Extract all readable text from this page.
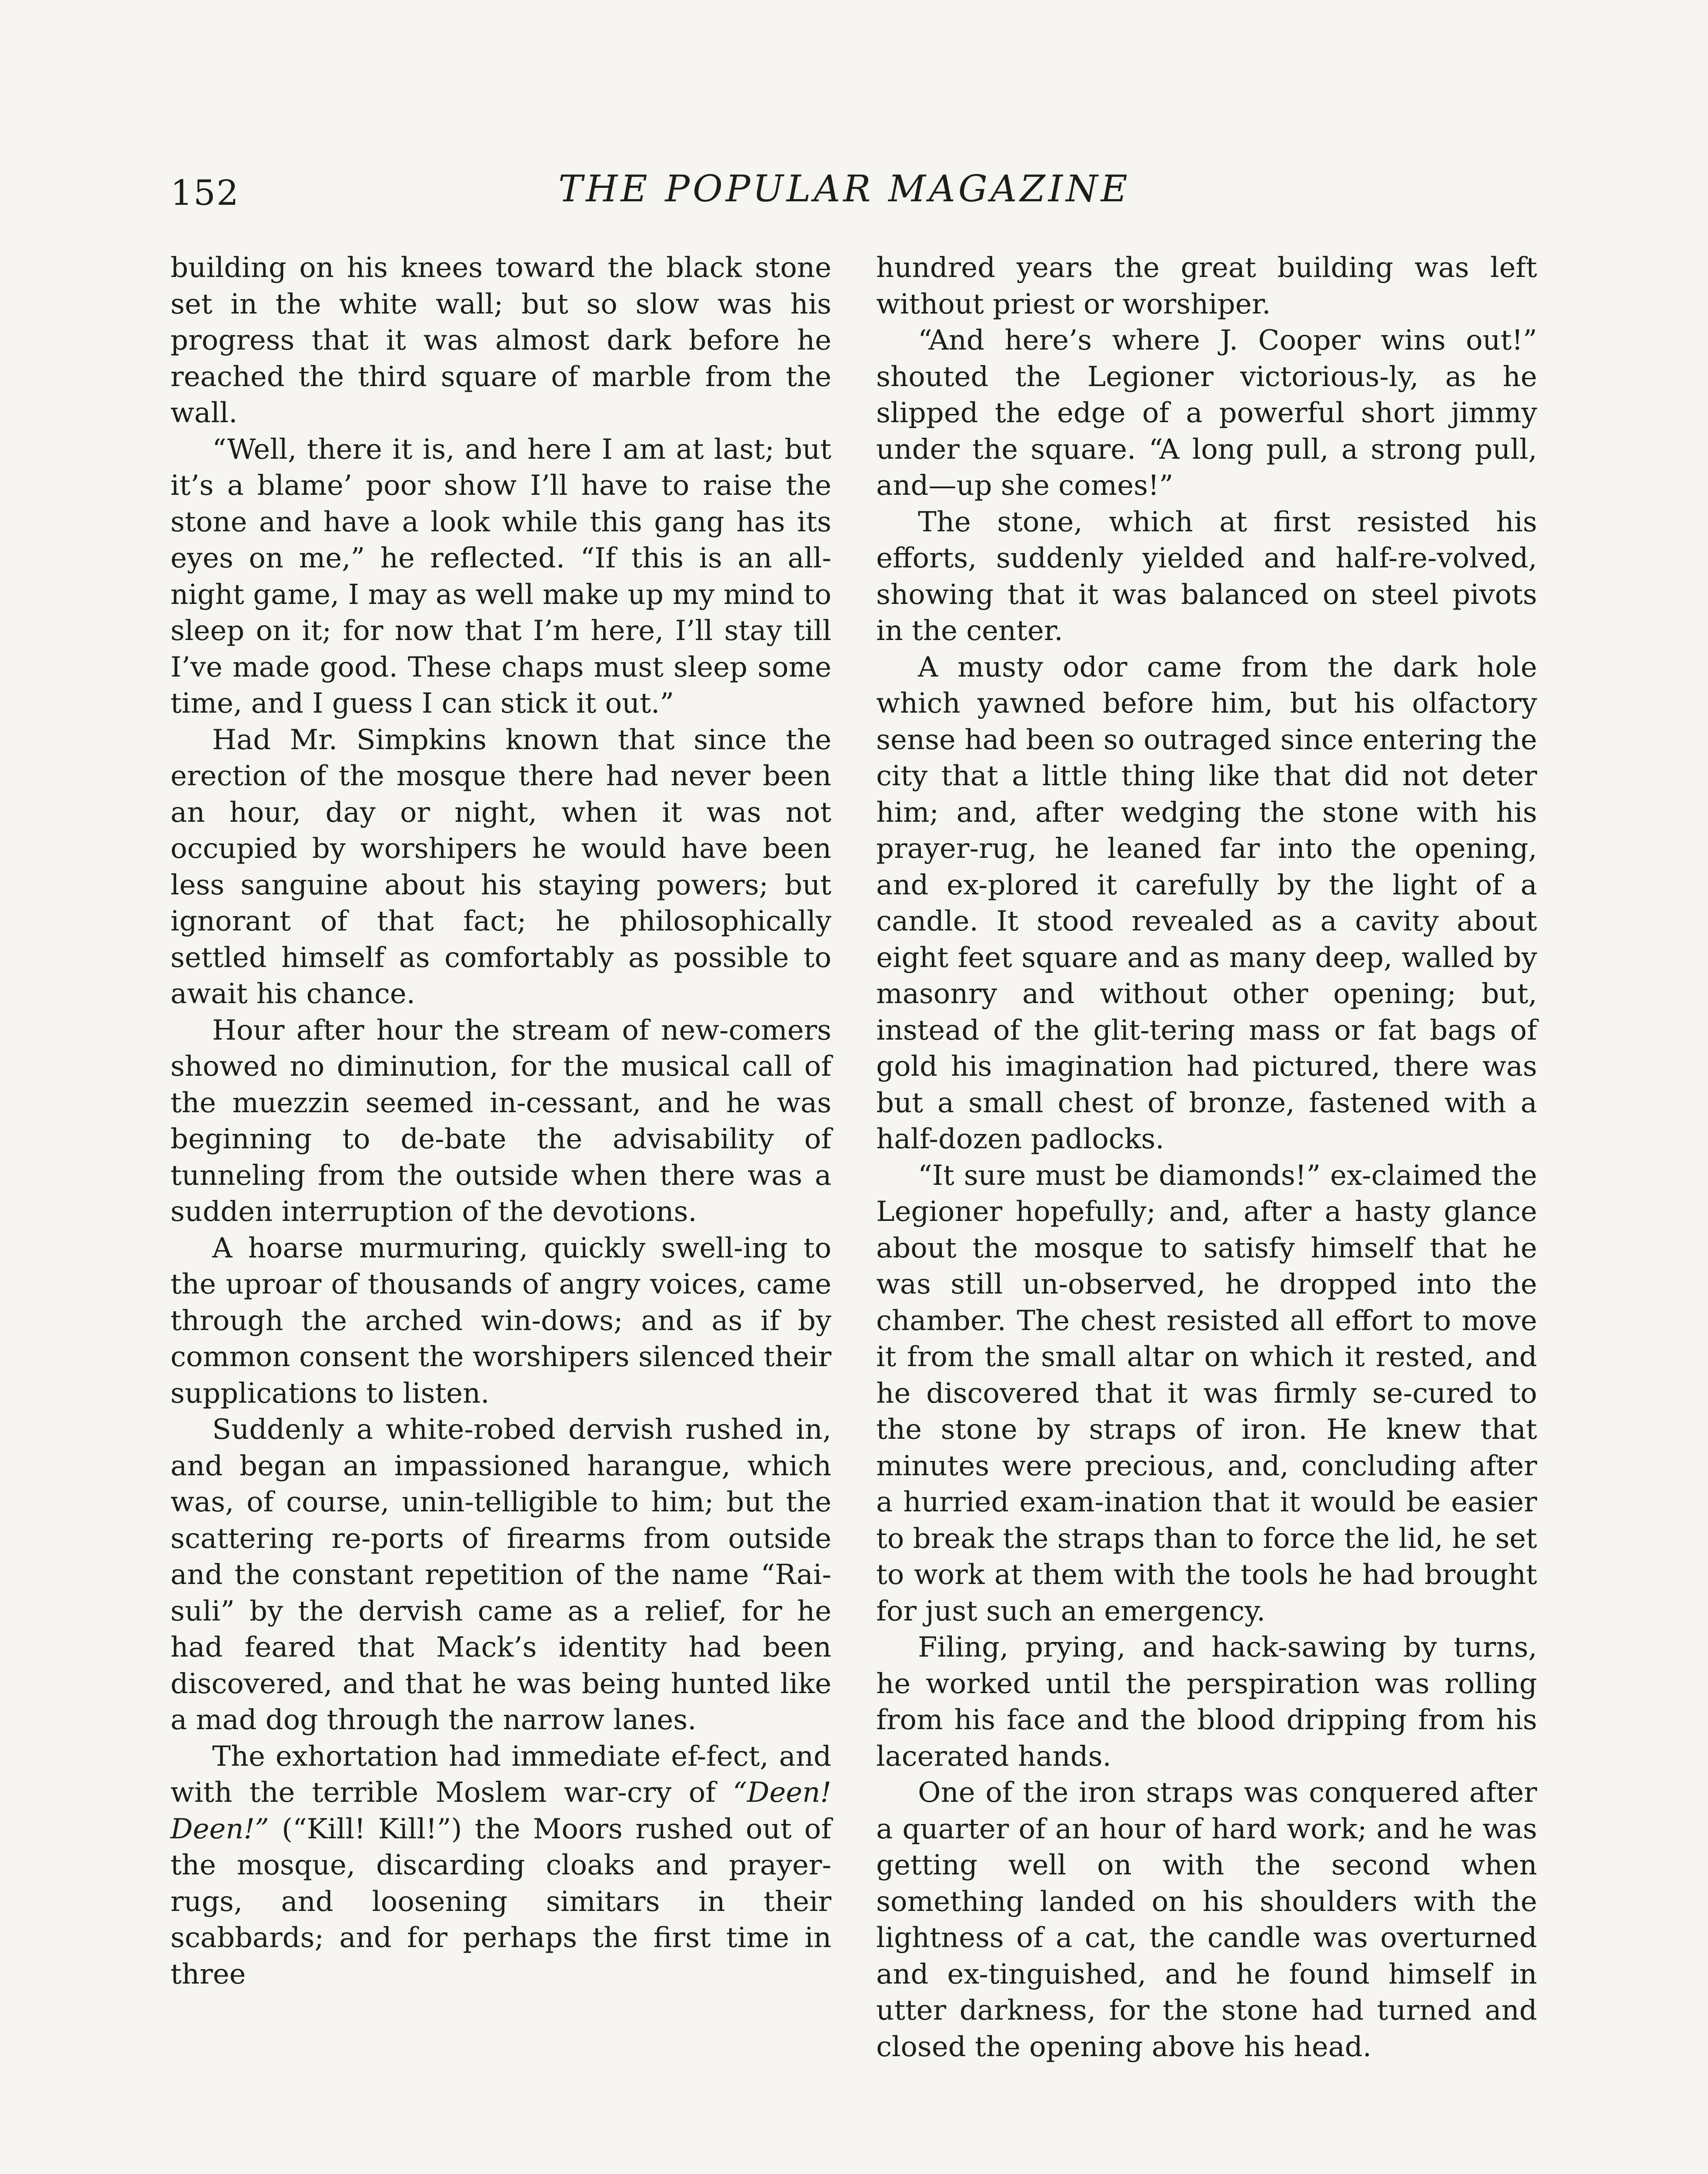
152	THE POPULAR MAGAZINE

building on his knees toward the black stone set in the white wall; but so slow was his progress that it was almost dark before he reached the third square of marble from the wall.

“Well, there it is, and here I am at last; but it’s a blame’ poor show I’ll have to raise the stone and have a look while this gang has its eyes on me,” he reflected. “If this is an all-night game, I may as well make up my mind to sleep on it; for now that I’m here, I’ll stay till I’ve made good. These chaps must sleep some time, and I guess I can stick it out.”

Had Mr. Simpkins known that since the erection of the mosque there had never been an hour, day or night, when it was not occupied by worshipers he would have been less sanguine about his staying powers; but ignorant of that fact; he philosophically settled himself as comfortably as possible to await his chance.

Hour after hour the stream of new-comers showed no diminution, for the musical call of the muezzin seemed in-cessant, and he was beginning to de-bate the advisability of tunneling from the outside when there was a sudden interruption of the devotions.

A hoarse murmuring, quickly swell-ing to the uproar of thousands of angry voices, came through the arched win-dows; and as if by common consent the worshipers silenced their supplications to listen.

Suddenly a white-robed dervish rushed in, and began an impassioned harangue, which was, of course, unin-telligible to him; but the scattering re-ports of firearms from outside and the constant repetition of the name “Rai-suli” by the dervish came as a relief, for he had feared that Mack’s identity had been discovered, and that he was being hunted like a mad dog through the narrow lanes.

The exhortation had immediate ef-fect, and with the terrible Moslem war-cry of “Deen! Deen!” (“Kill! Kill!”) the Moors rushed out of the mosque, discarding cloaks and prayer-rugs, and loosening simitars in their scabbards; and for perhaps the first time in three

hundred years the great building was left without priest or worshiper.

“And here’s where J. Cooper wins out!” shouted the Legioner victorious-ly, as he slipped the edge of a powerful short jimmy under the square. “A long pull, a strong pull, and—up she comes!”

The stone, which at first resisted his efforts, suddenly yielded and half-re-volved, showing that it was balanced on steel pivots in the center.

A musty odor came from the dark hole which yawned before him, but his olfactory sense had been so outraged since entering the city that a little thing like that did not deter him; and, after wedging the stone with his prayer-rug, he leaned far into the opening, and ex-plored it carefully by the light of a candle. It stood revealed as a cavity about eight feet square and as many deep, walled by masonry and without other opening; but, instead of the glit-tering mass or fat bags of gold his imagination had pictured, there was but a small chest of bronze, fastened with a half-dozen padlocks.

“It sure must be diamonds!” ex-claimed the Legioner hopefully; and, after a hasty glance about the mosque to satisfy himself that he was still un-observed, he dropped into the chamber. The chest resisted all effort to move it from the small altar on which it rested, and he discovered that it was firmly se-cured to the stone by straps of iron. He knew that minutes were precious, and, concluding after a hurried exam-ination that it would be easier to break the straps than to force the lid, he set to work at them with the tools he had brought for just such an emergency.

Filing, prying, and hack-sawing by turns, he worked until the perspiration was rolling from his face and the blood dripping from his lacerated hands.

One of the iron straps was conquered after a quarter of an hour of hard work; and he was getting well on with the second when something landed on his shoulders with the lightness of a cat, the candle was overturned and ex-tinguished, and he found himself in utter darkness, for the stone had turned and closed the opening above his head.
